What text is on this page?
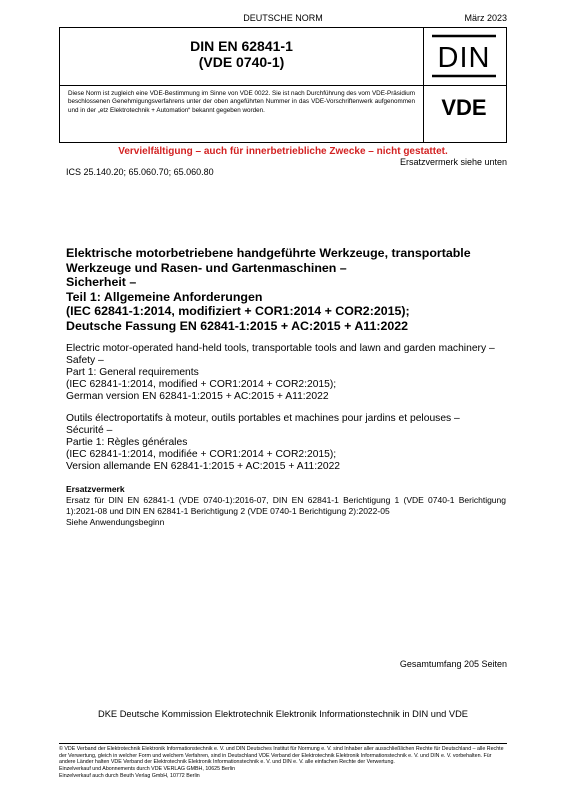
DEUTSCHE NORM	März 2023
DIN EN 62841-1
(VDE 0740-1)
Diese Norm ist zugleich eine VDE-Bestimmung im Sinne von VDE 0022. Sie ist nach Durchführung des vom VDE-Präsidium beschlossenen Genehmigungsverfahrens unter der oben angeführten Nummer in das VDE-Vorschriftenwerk aufgenommen und in der „etz Elektrotechnik + Automation“ bekannt gegeben worden.
DIN
VDE
Vervielfältigung – auch für innerbetriebliche Zwecke – nicht gestattet.
Ersatzvermerk siehe unten
ICS 25.140.20; 65.060.70; 65.060.80
Elektrische motorbetriebene handgeführte Werkzeuge, transportable
Werkzeuge und Rasen- und Gartenmaschinen –
Sicherheit –
Teil 1: Allgemeine Anforderungen
(IEC 62841-1:2014, modifiziert + COR1:2014 + COR2:2015);
Deutsche Fassung EN 62841-1:2015 + AC:2015 + A11:2022
Electric motor-operated hand-held tools, transportable tools and lawn and garden machinery –
Safety –
Part 1: General requirements
(IEC 62841-1:2014, modified + COR1:2014 + COR2:2015);
German version EN 62841-1:2015 + AC:2015 + A11:2022
Outils électroportatifs à moteur, outils portables et machines pour jardins et pelouses –
Sécurité –
Partie 1: Règles générales
(IEC 62841-1:2014, modifiée + COR1:2014 + COR2:2015);
Version allemande EN 62841-1:2015 + AC:2015 + A11:2022
Ersatzvermerk
Ersatz für DIN EN 62841-1 (VDE 0740-1):2016-07, DIN EN 62841-1 Berichtigung 1 (VDE 0740-1 Berichtigung 1):2021-08 und DIN EN 62841-1 Berichtigung 2 (VDE 0740-1 Berichtigung 2):2022-05
Siehe Anwendungsbeginn
Gesamtumfang 205 Seiten
DKE Deutsche Kommission Elektrotechnik Elektronik Informationstechnik in DIN und VDE
© VDE Verband der Elektrotechnik Elektronik Informationstechnik e. V. und DIN Deutsches Institut für Normung e. V. sind Inhaber aller ausschließlichen Rechte für Deutschland – alle Rechte der Verwertung, gleich in welcher Form und welchem Verfahren, sind in Deutschland VDE Verband der Elektrotechnik Elektronik Informationstechnik e. V. und DIN e. V. vorbehalten. Für andere Länder halten VDE Verband der Elektrotechnik Elektronik Informationstechnik e. V. und DIN e. V. alle einfachen Rechte der Verwertung.
Einzelverkauf und Abonnements durch VDE VERLAG GMBH, 10625 Berlin
Einzelverkauf auch durch Beuth Verlag GmbH, 10772 Berlin
